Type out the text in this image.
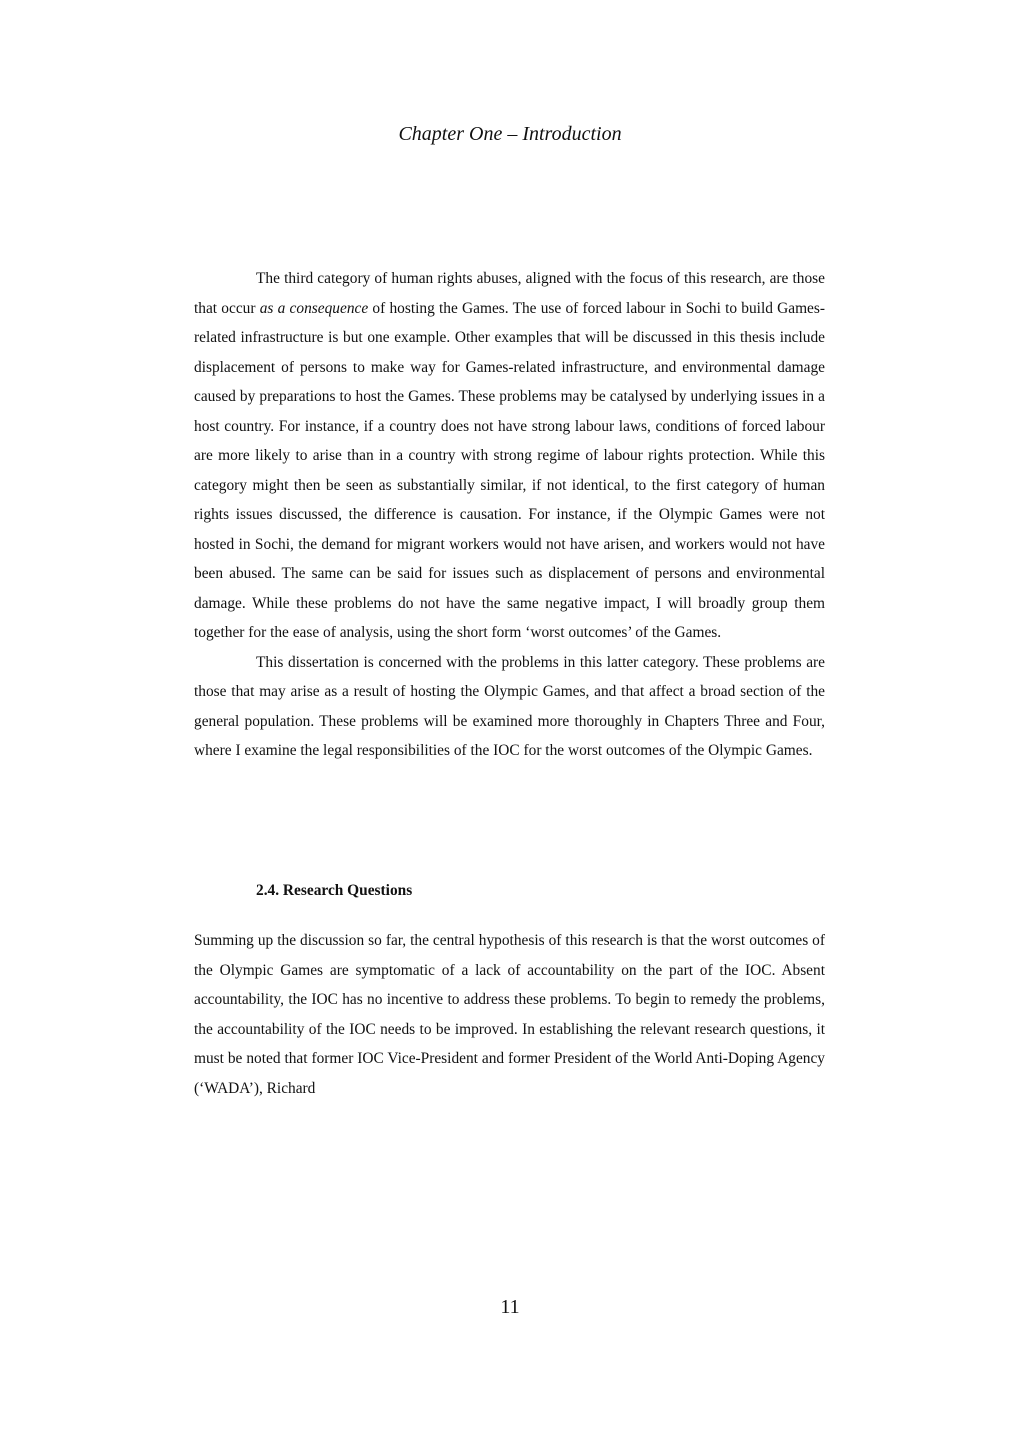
Chapter One – Introduction

The third category of human rights abuses, aligned with the focus of this research, are those that occur as a consequence of hosting the Games. The use of forced labour in Sochi to build Games-related infrastructure is but one example. Other examples that will be discussed in this thesis include displacement of persons to make way for Games-related infrastructure, and environmental damage caused by preparations to host the Games. These problems may be catalysed by underlying issues in a host country. For instance, if a country does not have strong labour laws, conditions of forced labour are more likely to arise than in a country with strong regime of labour rights protection. While this category might then be seen as substantially similar, if not identical, to the first category of human rights issues discussed, the difference is causation. For instance, if the Olympic Games were not hosted in Sochi, the demand for migrant workers would not have arisen, and workers would not have been abused. The same can be said for issues such as displacement of persons and environmental damage. While these problems do not have the same negative impact, I will broadly group them together for the ease of analysis, using the short form ‘worst outcomes’ of the Games.

This dissertation is concerned with the problems in this latter category. These problems are those that may arise as a result of hosting the Olympic Games, and that affect a broad section of the general population. These problems will be examined more thoroughly in Chapters Three and Four, where I examine the legal responsibilities of the IOC for the worst outcomes of the Olympic Games.

2.4. Research Questions

Summing up the discussion so far, the central hypothesis of this research is that the worst outcomes of the Olympic Games are symptomatic of a lack of accountability on the part of the IOC. Absent accountability, the IOC has no incentive to address these problems. To begin to remedy the problems, the accountability of the IOC needs to be improved. In establishing the relevant research questions, it must be noted that former IOC Vice-President and former President of the World Anti-Doping Agency (‘WADA’), Richard

11
